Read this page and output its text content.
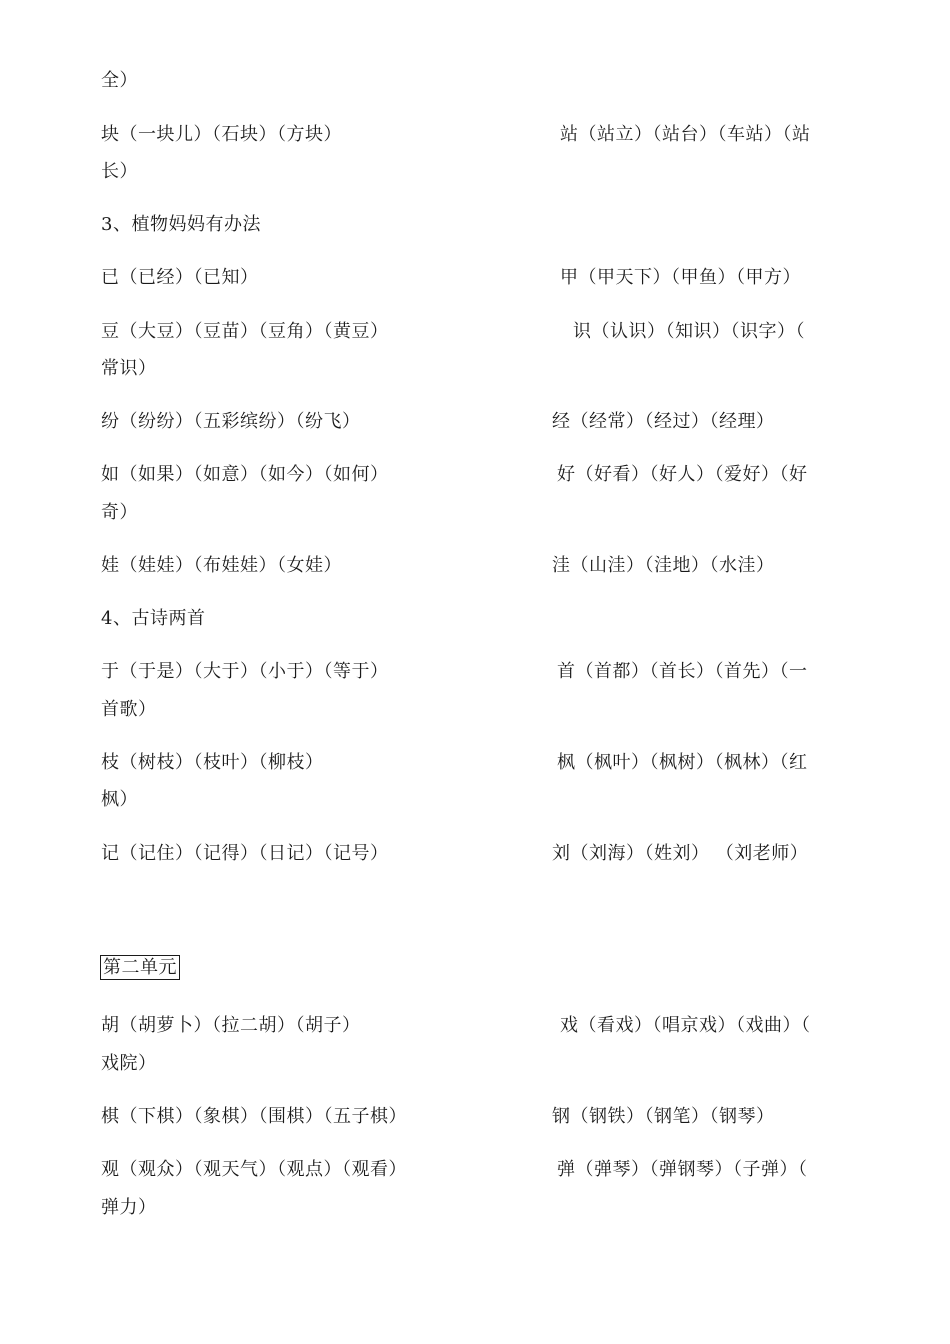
全）
块（一块儿）（石块）（方块）	站（站立）（站台）（车站）（站
长）
3、植物妈妈有办法
已（已经）（已知）	甲（甲天下）（甲鱼）（甲方）
豆（大豆）（豆苗）（豆角）（黄豆）	识（认识）（知识）（识字）（
常识）
纷（纷纷）（五彩缤纷）（纷飞）	经（经常）（经过）（经理）
如（如果）（如意）（如今）（如何）	好（好看）（好人）（爱好）（好
奇）
娃（娃娃）（布娃娃）（女娃）	洼（山洼）（洼地）（水洼）
4、古诗两首
于（于是）（大于）（小于）（等于）	首（首都）（首长）（首先）（一
首歌）
枝（树枝）（枝叶）（柳枝）	枫（枫叶）（枫树）（枫林）（红
枫）
记（记住）（记得）（日记）（记号）	刘（刘海）（姓刘） （刘老师）
第二单元
胡（胡萝卜）（拉二胡）（胡子）	戏（看戏）（唱京戏）（戏曲）（
戏院）
棋（下棋）（象棋）（围棋）（五子棋）	钢（钢铁）（钢笔）（钢琴）
观（观众）（观天气）（观点）（观看）	弹（弹琴）（弹钢琴）（子弹）（
弹力）
